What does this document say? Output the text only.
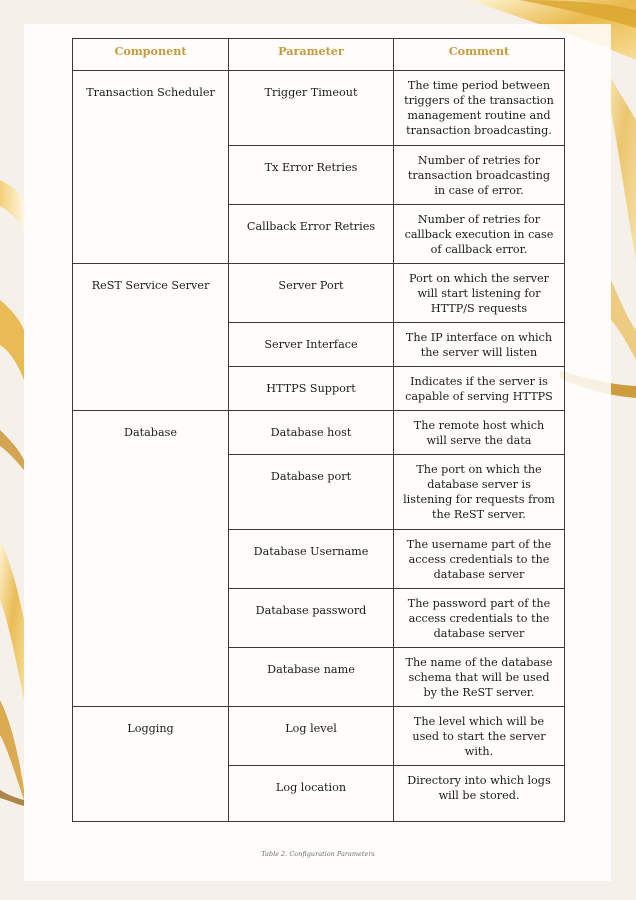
Component	Parameter	Comment
Transaction Scheduler	Trigger Timeout	The time period between triggers of the transaction management routine and transaction broadcasting.
	Tx Error Retries	Number of retries for transaction broadcasting in case of error.
	Callback Error Retries	Number of retries for callback execution in case of callback error.
ReST Service Server	Server Port	Port on which the server will start listening for HTTP/S requests
	Server Interface	The IP interface on which the server will listen
	HTTPS Support	Indicates if the server is capable of serving HTTPS
Database	Database host	The remote host which will serve the data
	Database port	The port on which the database server is listening for requests from the ReST server.
	Database Username	The username part of the access credentials to the database server
	Database password	The password part of the access credentials to the database server
	Database name	The name of the database schema that will be used by the ReST server.
Logging	Log level	The level which will be used to start the server with.
	Log location	Directory into which logs will be stored.
Table 2. Configuration Parameters
